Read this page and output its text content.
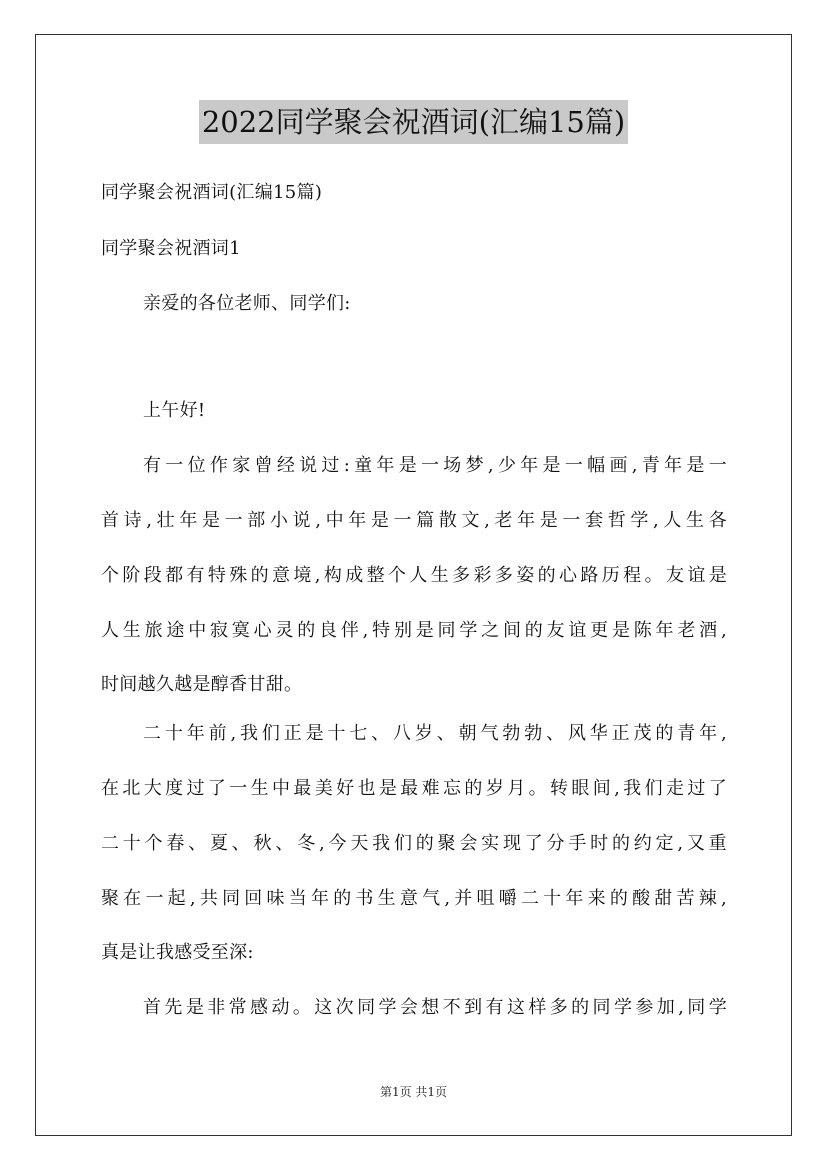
2022同学聚会祝酒词(汇编15篇)
同学聚会祝酒词(汇编15篇)
同学聚会祝酒词1
亲爱的各位老师、同学们:
上午好!
有一位作家曾经说过:童年是一场梦,少年是一幅画,青年是一
首诗,壮年是一部小说,中年是一篇散文,老年是一套哲学,人生各
个阶段都有特殊的意境,构成整个人生多彩多姿的心路历程。友谊是
人生旅途中寂寞心灵的良伴,特别是同学之间的友谊更是陈年老酒,
时间越久越是醇香甘甜。
二十年前,我们正是十七、八岁、朝气勃勃、风华正茂的青年,
在北大度过了一生中最美好也是最难忘的岁月。转眼间,我们走过了
二十个春、夏、秋、冬,今天我们的聚会实现了分手时的约定,又重
聚在一起,共同回味当年的书生意气,并咀嚼二十年来的酸甜苦辣,
真是让我感受至深:
首先是非常感动。这次同学会想不到有这样多的同学参加,同学
第1页 共1页
